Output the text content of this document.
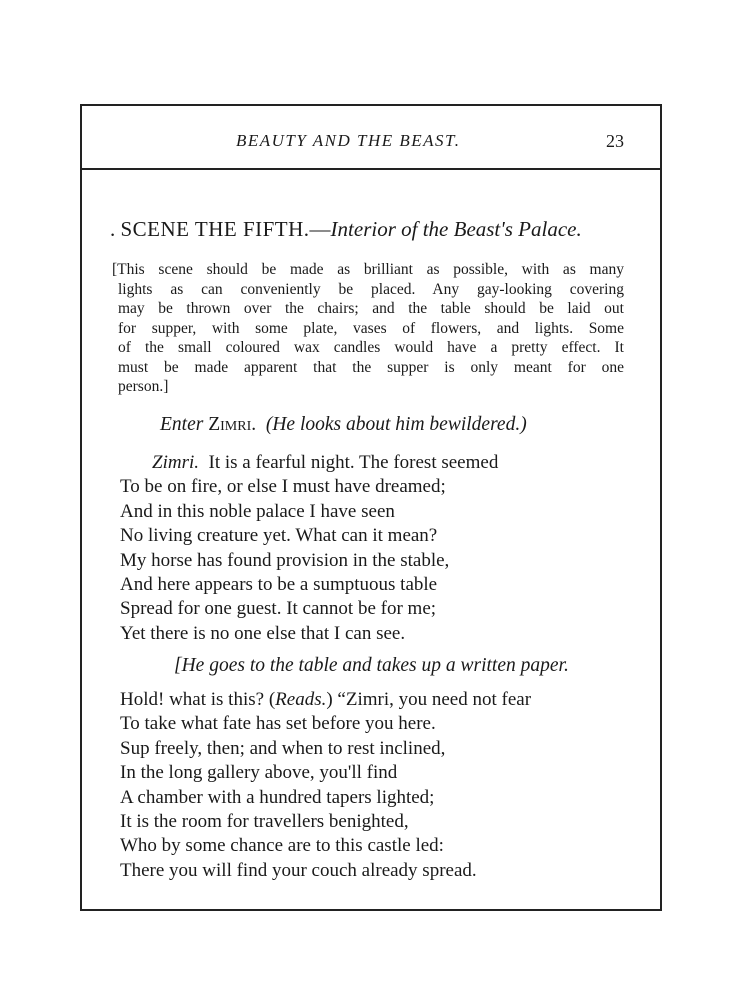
BEAUTY AND THE BEAST.	23
. SCENE THE FIFTH.—Interior of the Beast's Palace.
[This scene should be made as brilliant as possible, with as many
lights as can conveniently be placed. Any gay-looking covering
may be thrown over the chairs; and the table should be laid out
for supper, with some plate, vases of flowers, and lights. Some
of the small coloured wax candles would have a pretty effect. It
must be made apparent that the supper is only meant for one
person.]
Enter Zimri. (He looks about him bewildered.)
Zimri. It is a fearful night. The forest seemed
To be on fire, or else I must have dreamed;
And in this noble palace I have seen
No living creature yet. What can it mean?
My horse has found provision in the stable,
And here appears to be a sumptuous table
Spread for one guest. It cannot be for me;
Yet there is no one else that I can see.
[He goes to the table and takes up a written paper.
Hold! what is this? (Reads.) “Zimri, you need not fear
To take what fate has set before you here.
Sup freely, then; and when to rest inclined,
In the long gallery above, you'll find
A chamber with a hundred tapers lighted;
It is the room for travellers benighted,
Who by some chance are to this castle led:
There you will find your couch already spread.
